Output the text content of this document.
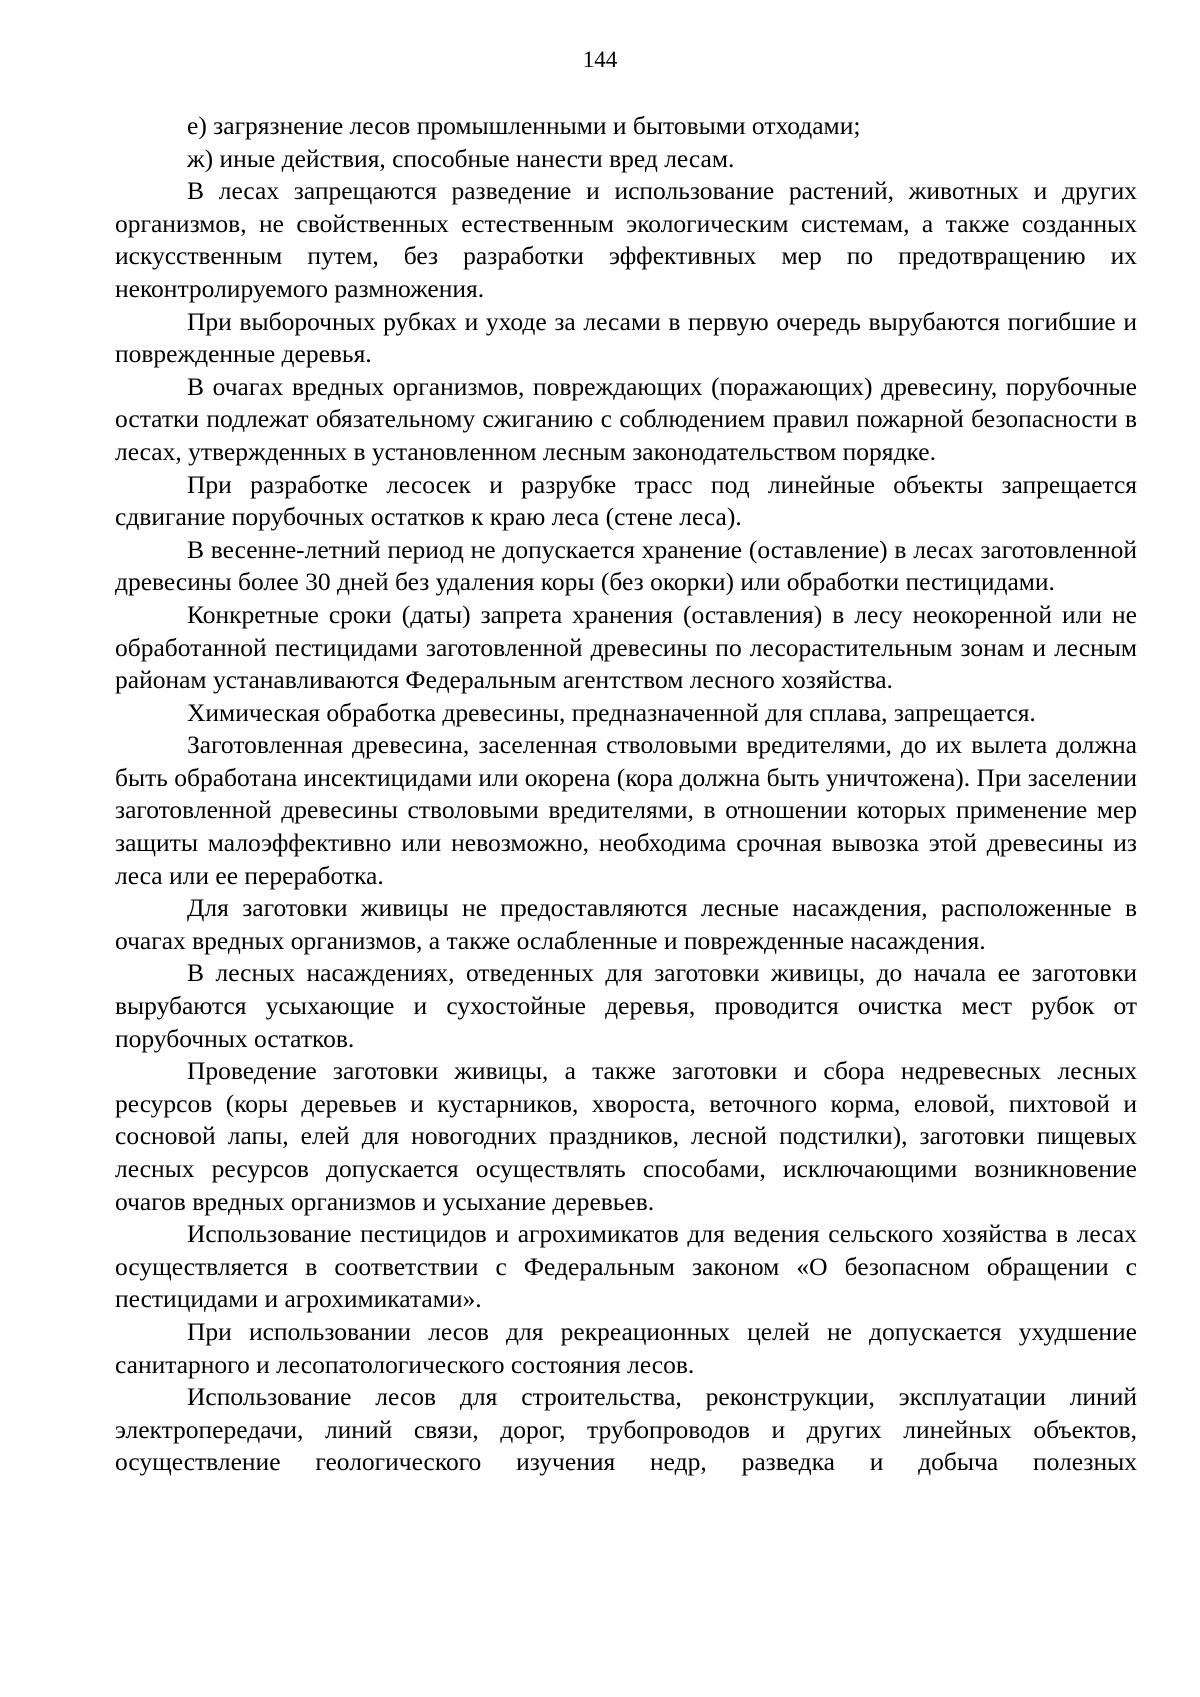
144

е) загрязнение лесов промышленными и бытовыми отходами;

ж) иные действия, способные нанести вред лесам.

В лесах запрещаются разведение и использование растений, животных и других организмов, не свойственных естественным экологическим системам, а также созданных искусственным путем, без разработки эффективных мер по предотвращению их неконтролируемого размножения.

При выборочных рубках и уходе за лесами в первую очередь вырубаются погибшие и поврежденные деревья.

В очагах вредных организмов, повреждающих (поражающих) древесину, порубочные остатки подлежат обязательному сжиганию с соблюдением правил пожарной безопасности в лесах, утвержденных в установленном лесным законодательством порядке.

При разработке лесосек и разрубке трасс под линейные объекты запрещается сдвигание порубочных остатков к краю леса (стене леса).

В весенне-летний период не допускается хранение (оставление) в лесах заготовленной древесины более 30 дней без удаления коры (без окорки) или обработки пестицидами.

Конкретные сроки (даты) запрета хранения (оставления) в лесу неокоренной или не обработанной пестицидами заготовленной древесины по лесорастительным зонам и лесным районам устанавливаются Федеральным агентством лесного хозяйства.

Химическая обработка древесины, предназначенной для сплава, запрещается.

Заготовленная древесина, заселенная стволовыми вредителями, до их вылета должна быть обработана инсектицидами или окорена (кора должна быть уничтожена). При заселении заготовленной древесины стволовыми вредителями, в отношении которых применение мер защиты малоэффективно или невозможно, необходима срочная вывозка этой древесины из леса или ее переработка.

Для заготовки живицы не предоставляются лесные насаждения, расположенные в очагах вредных организмов, а также ослабленные и поврежденные насаждения.

В лесных насаждениях, отведенных для заготовки живицы, до начала ее заготовки вырубаются усыхающие и сухостойные деревья, проводится очистка мест рубок от порубочных остатков.

Проведение заготовки живицы, а также заготовки и сбора недревесных лесных ресурсов (коры деревьев и кустарников, хвороста, веточного корма, еловой, пихтовой и сосновой лапы, елей для новогодних праздников, лесной подстилки), заготовки пищевых лесных ресурсов допускается осуществлять способами, исключающими возникновение очагов вредных организмов и усыхание деревьев.

Использование пестицидов и агрохимикатов для ведения сельского хозяйства в лесах осуществляется в соответствии с Федеральным законом «О безопасном обращении с пестицидами и агрохимикатами».

При использовании лесов для рекреационных целей не допускается ухудшение санитарного и лесопатологического состояния лесов.

Использование лесов для строительства, реконструкции, эксплуатации линий электропередачи, линий связи, дорог, трубопроводов и других линейных объектов, осуществление геологического изучения недр, разведка и добыча полезных
